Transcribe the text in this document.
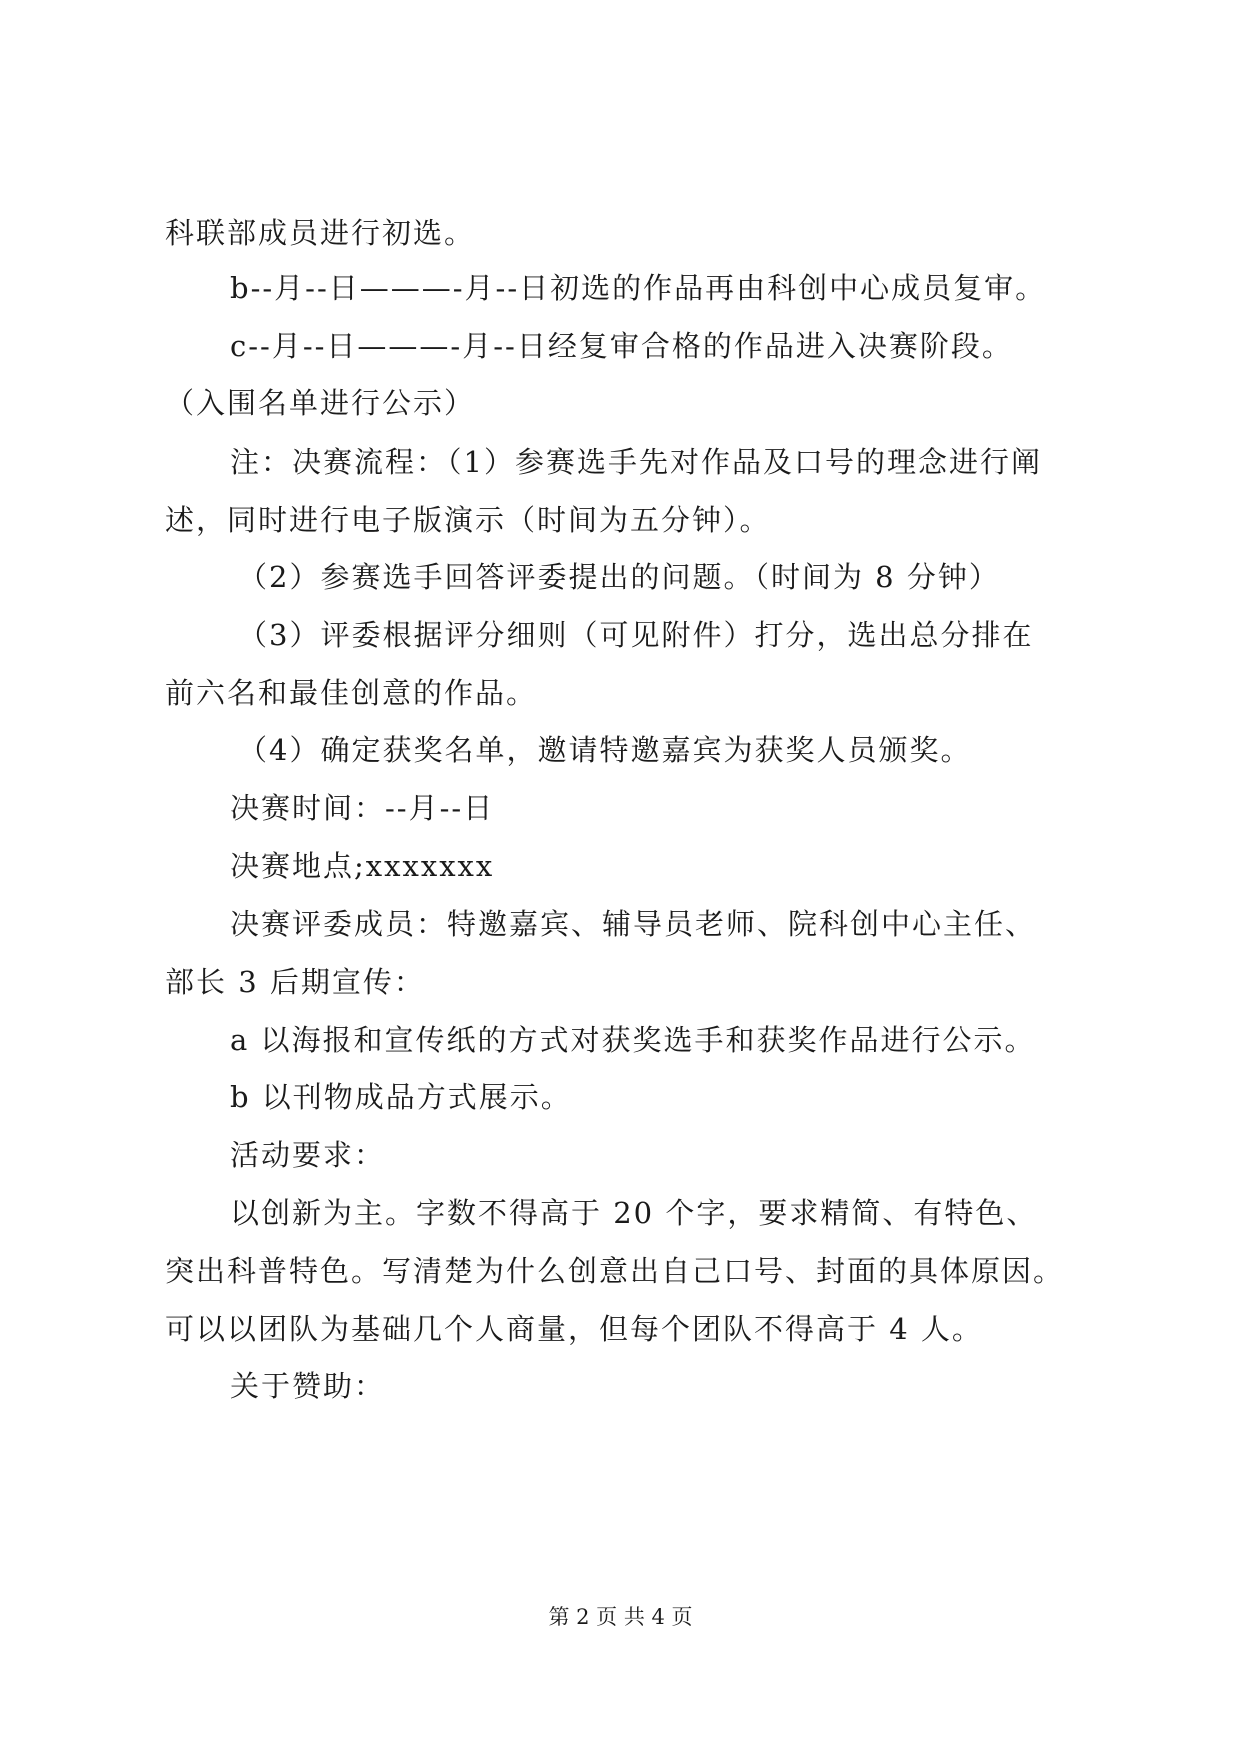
科联部成员进行初选。
b--月--日———-月--日初选的作品再由科创中心成员复审。
c--月--日———-月--日经复审合格的作品进入决赛阶段。
（入围名单进行公示）
注：决赛流程：（1）参赛选手先对作品及口号的理念进行阐
述，同时进行电子版演示（时间为五分钟）。
（2）参赛选手回答评委提出的问题。（时间为 8 分钟）
（3）评委根据评分细则（可见附件）打分，选出总分排在
前六名和最佳创意的作品。
（4）确定获奖名单，邀请特邀嘉宾为获奖人员颁奖。
决赛时间：--月--日
决赛地点;xxxxxxx
决赛评委成员：特邀嘉宾、辅导员老师、院科创中心主任、
部长 3 后期宣传：
a 以海报和宣传纸的方式对获奖选手和获奖作品进行公示。
b 以刊物成品方式展示。
活动要求：
以创新为主。字数不得高于 20 个字，要求精简、有特色、
突出科普特色。写清楚为什么创意出自己口号、封面的具体原因。
可以以团队为基础几个人商量，但每个团队不得高于 4 人。
关于赞助：
第 2 页 共 4 页
